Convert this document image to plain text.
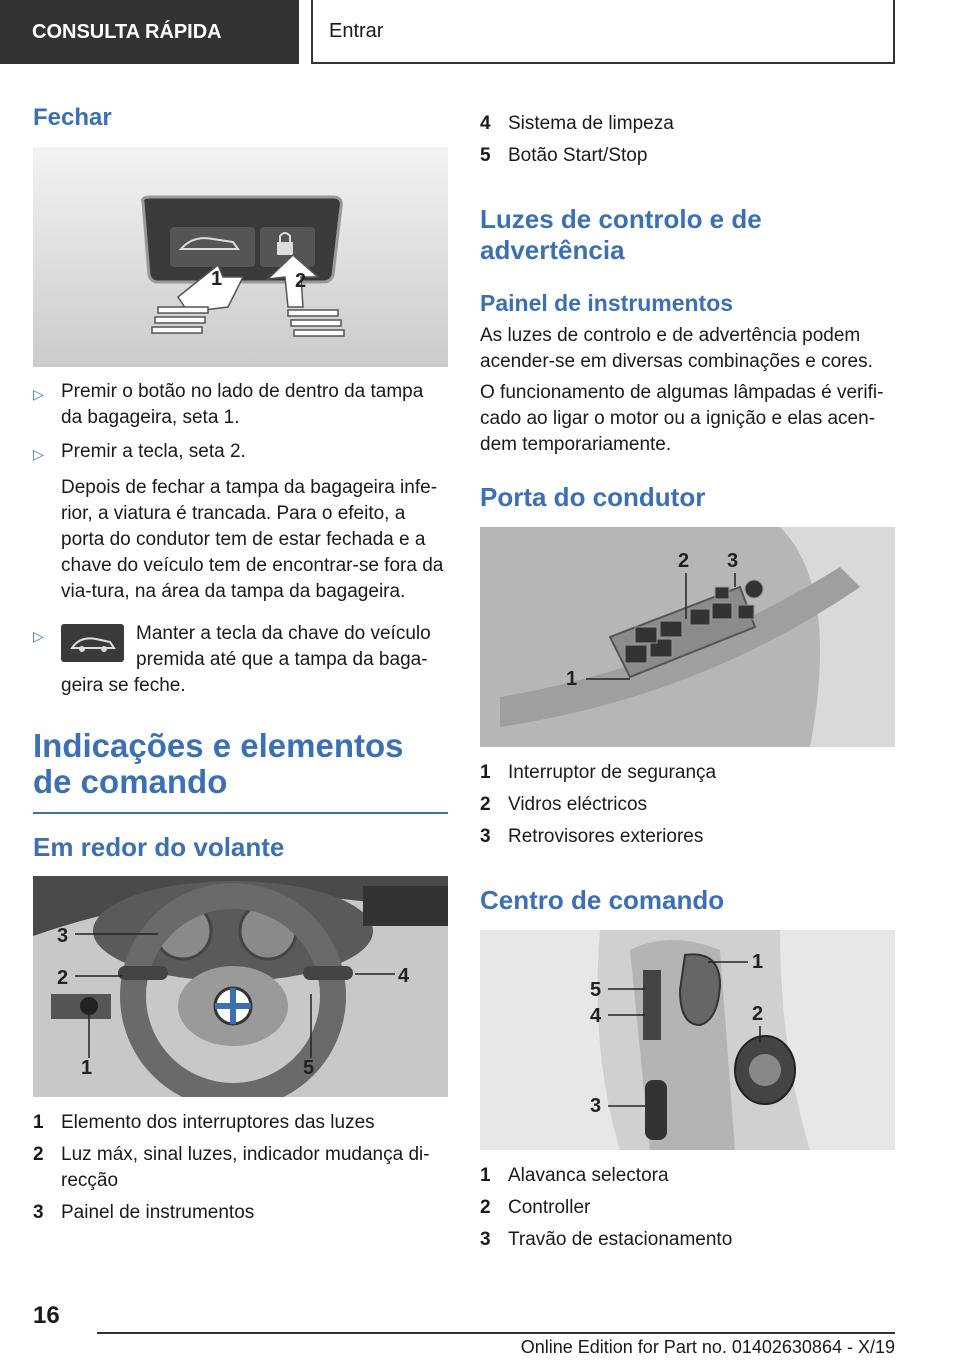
CONSULTA RÁPIDA	Entrar
Fechar
1	2
▷ Premir o botão no lado de dentro da tampa da bagageira, seta 1.
▷ Premir a tecla, seta 2.
Depois de fechar a tampa da bagageira infe-rior, a viatura é trancada. Para o efeito, a porta do condutor tem de estar fechada e a chave do veículo tem de encontrar-se fora da via-tura, na área da tampa da bagageira.
▷	Manter a tecla da chave do veículo premida até que a tampa da baga-geira se feche.
Indicações e elementos de comando
Em redor do volante
3
2	4
1	5
1 Elemento dos interruptores das luzes
2 Luz máx, sinal luzes, indicador mudança di-recção
3 Painel de instrumentos
4 Sistema de limpeza
5 Botão Start/Stop
Luzes de controlo e de advertência
Painel de instrumentos
As luzes de controlo e de advertência podem acender-se em diversas combinações e cores.
O funcionamento de algumas lâmpadas é verifi-cado ao ligar o motor ou a ignição e elas acen-dem temporariamente.
Porta do condutor
2 3
1
1 Interruptor de segurança
2 Vidros eléctricos
3 Retrovisores exteriores
Centro de comando
1
5
4	2
3
1 Alavanca selectora
2 Controller
3 Travão de estacionamento
16
Online Edition for Part no. 01402630864 - X/19
